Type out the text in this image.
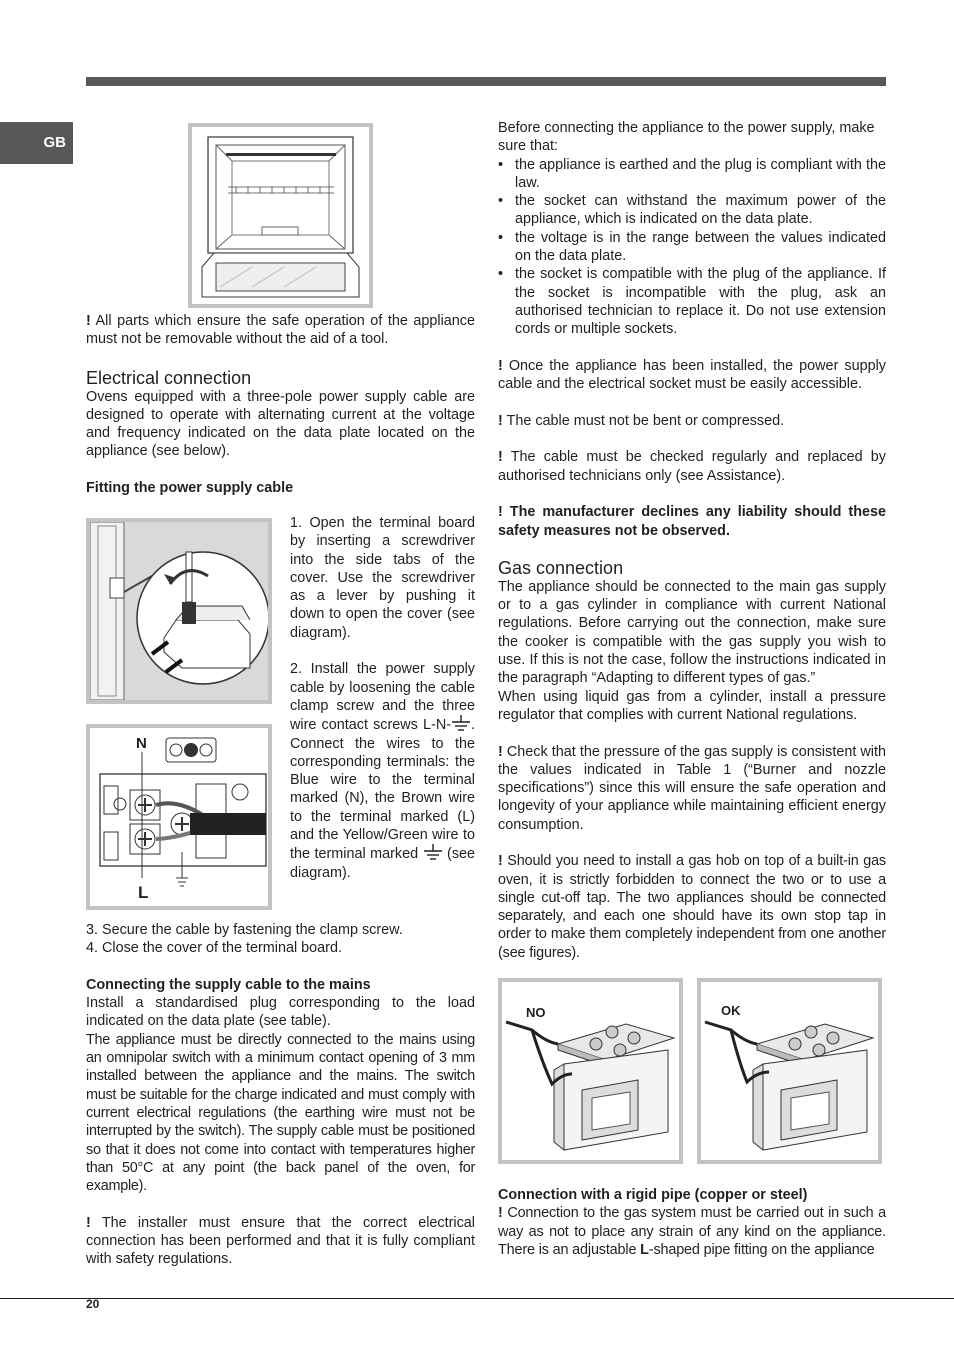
GB
N
L

! All parts which ensure the safe operation of the appliance must not be removable without the aid of a tool.

Electrical connection

Ovens equipped with a three-pole power supply cable are designed to operate with alternating current at the voltage and frequency indicated on the data plate located on the appliance (see below).

Fitting the power supply cable

1. Open the terminal board by inserting a screwdriver into the side tabs of the cover. Use the screwdriver as a lever by pushing it down to open the cover (see diagram).

2. Install the power supply cable by loosening the cable clamp screw and the three wire contact screws L-N- . Connect the wires to the corresponding terminals: the Blue wire to the terminal marked (N), the Brown wire to the terminal marked (L) and the Yellow/Green wire to the terminal marked (see diagram).

3. Secure the cable by fastening the clamp screw.

4. Close the cover of the terminal board.

Connecting the supply cable to the mains

Install a standardised plug corresponding to the load indicated on the data plate (see table).

The appliance must be directly connected to the mains using an omnipolar switch with a minimum contact opening of 3 mm installed between the appliance and the mains. The switch must be suitable for the charge indicated and must comply with current electrical regulations (the earthing wire must not be interrupted by the switch). The supply cable must be positioned so that it does not come into contact with temperatures higher than 50°C at any point (the back panel of the oven, for example).

! The installer must ensure that the correct electrical connection has been performed and that it is fully compliant with safety regulations.

Before connecting the appliance to the power supply, make sure that:

• the appliance is earthed and the plug is compliant with the law.
• the socket can withstand the maximum power of the appliance, which is indicated on the data plate.
• the voltage is in the range between the values indicated on the data plate.
• the socket is compatible with the plug of the appliance. If the socket is incompatible with the plug, ask an authorised technician to replace it. Do not use extension cords or multiple sockets.

! Once the appliance has been installed, the power supply cable and the electrical socket must be easily accessible.

! The cable must not be bent or compressed.

! The cable must be checked regularly and replaced by authorised technicians only (see Assistance).

! The manufacturer declines any liability should these safety measures not be observed.

Gas connection

The appliance should be connected to the main gas supply or to a gas cylinder in compliance with current National regulations. Before carrying out the connection, make sure the cooker is compatible with the gas supply you wish to use. If this is not the case, follow the instructions indicated in the paragraph “Adapting to different types of gas.”

When using liquid gas from a cylinder, install a pressure regulator that complies with current National regulations.

! Check that the pressure of the gas supply is consistent with the values indicated in Table 1 (“Burner and nozzle specifications”) since this will ensure the safe operation and longevity of your appliance while maintaining efficient energy consumption.

! Should you need to install a gas hob on top of a built-in gas oven, it is strictly forbidden to connect the two or to use a single cut-off tap. The two appliances should be connected separately, and each one should have its own stop tap in order to make them completely independent from one another (see figures).

NO	OK

Connection with a rigid pipe (copper or steel)

! Connection to the gas system must be carried out in such a way as not to place any strain of any kind on the appliance. There is an adjustable L-shaped pipe fitting on the appliance

20
